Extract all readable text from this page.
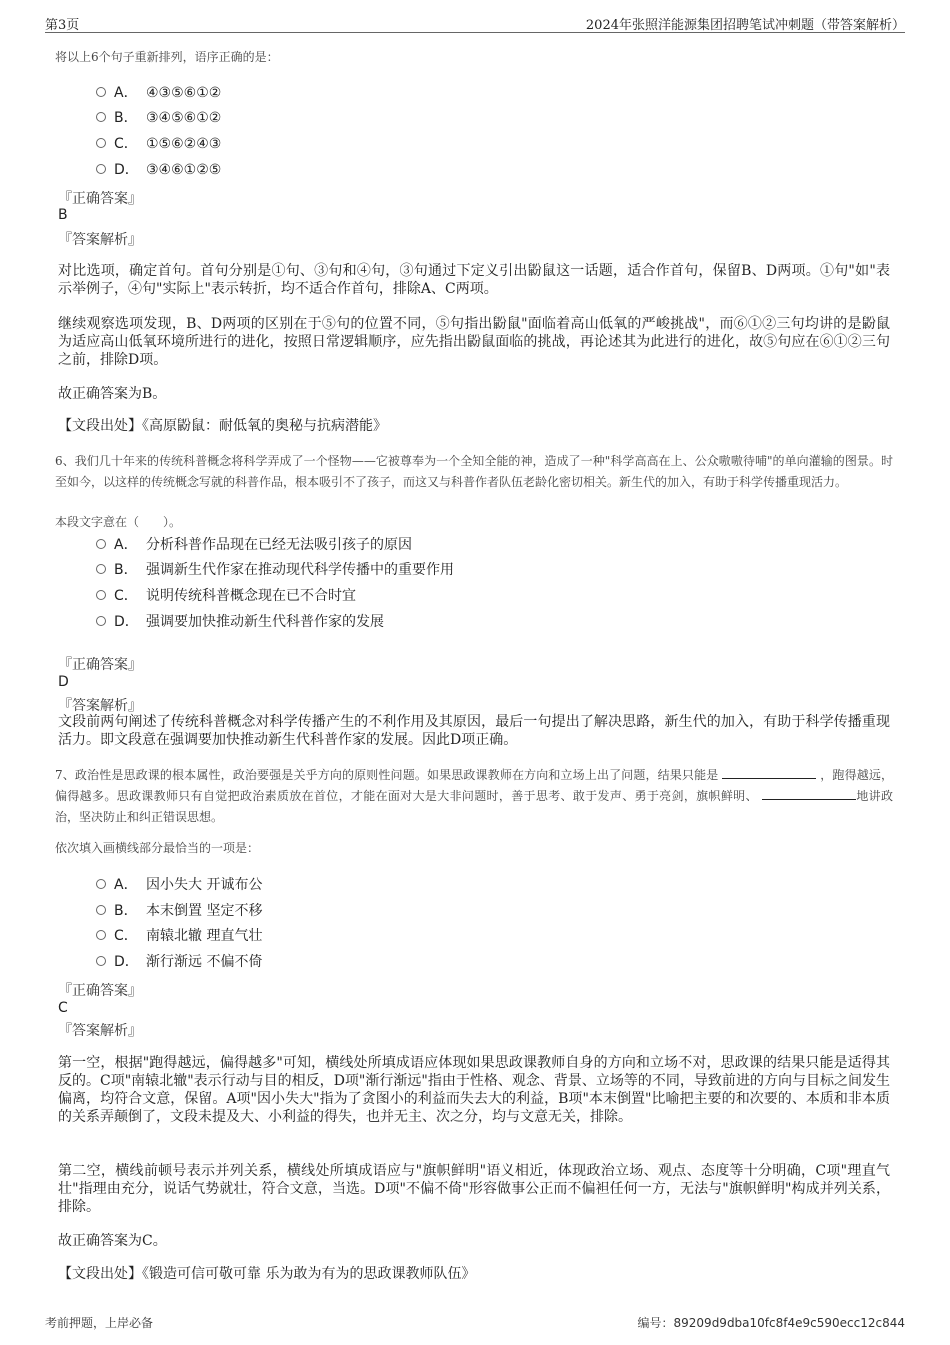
第3页	2024年张照洋能源集团招聘笔试冲刺题（带答案解析）
将以上6个句子重新排列，语序正确的是：
A． ④③⑤⑥①②
B． ③④⑤⑥①②
C． ①⑤⑥②④③
D． ③④⑥①②⑤
『正确答案』
B
『答案解析』
对比选项，确定首句。首句分别是①句、③句和④句，③句通过下定义引出鼢鼠这一话题，适合作首句，保留B、D两项。①句"如"表示举例子，④句"实际上"表示转折，均不适合作首句，排除A、C两项。
继续观察选项发现，B、D两项的区别在于⑤句的位置不同，⑤句指出鼢鼠"面临着高山低氧的严峻挑战"，而⑥①②三句均讲的是鼢鼠为适应高山低氧环境所进行的进化，按照日常逻辑顺序，应先指出鼢鼠面临的挑战，再论述其为此进行的进化，故⑤句应在⑥①②三句之前，排除D项。
故正确答案为B。
【文段出处】《高原鼢鼠：耐低氧的奥秘与抗病潜能》
6、我们几十年来的传统科普概念将科学弄成了一个怪物——它被尊奉为一个全知全能的神，造成了一种"科学高高在上、公众嗷嗷待哺"的单向灌输的图景。时至如今，以这样的传统概念写就的科普作品，根本吸引不了孩子，而这又与科普作者队伍老龄化密切相关。新生代的加入，有助于科学传播重现活力。
本段文字意在（　　）。
A． 分析科普作品现在已经无法吸引孩子的原因
B． 强调新生代作家在推动现代科学传播中的重要作用
C． 说明传统科普概念现在已不合时宜
D． 强调要加快推动新生代科普作家的发展
『正确答案』
D
『答案解析』
文段前两句阐述了传统科普概念对科学传播产生的不利作用及其原因，最后一句提出了解决思路，新生代的加入，有助于科学传播重现活力。即文段意在强调要加快推动新生代科普作家的发展。因此D项正确。
7、政治性是思政课的根本属性，政治要强是关乎方向的原则性问题。如果思政课教师在方向和立场上出了问题，结果只能是	，跑得越远，偏得越多。思政课教师只有自觉把政治素质放在首位，才能在面对大是大非问题时，善于思考、敢于发声、勇于亮剑，旗帜鲜明、	地讲政治，坚决防止和纠正错误思想。
依次填入画横线部分最恰当的一项是：
A． 因小失大 开诚布公
B． 本末倒置 坚定不移
C． 南辕北辙 理直气壮
D． 渐行渐远 不偏不倚
『正确答案』
C
『答案解析』
第一空，根据"跑得越远，偏得越多"可知，横线处所填成语应体现如果思政课教师自身的方向和立场不对，思政课的结果只能是适得其反的。C项"南辕北辙"表示行动与目的相反，D项"渐行渐远"指由于性格、观念、背景、立场等的不同，导致前进的方向与目标之间发生偏离，均符合文意，保留。A项"因小失大"指为了贪图小的利益而失去大的利益，B项"本末倒置"比喻把主要的和次要的、本质和非本质的关系弄颠倒了，文段未提及大、小利益的得失，也并无主、次之分，均与文意无关，排除。
第二空，横线前顿号表示并列关系，横线处所填成语应与"旗帜鲜明"语义相近，体现政治立场、观点、态度等十分明确，C项"理直气壮"指理由充分，说话气势就壮，符合文意，当选。D项"不偏不倚"形容做事公正而不偏袒任何一方，无法与"旗帜鲜明"构成并列关系，排除。
故正确答案为C。
【文段出处】《锻造可信可敬可靠 乐为敢为有为的思政课教师队伍》
考前押题，上岸必备	编号：89209d9dba10fc8f4e9c590ecc12c844
